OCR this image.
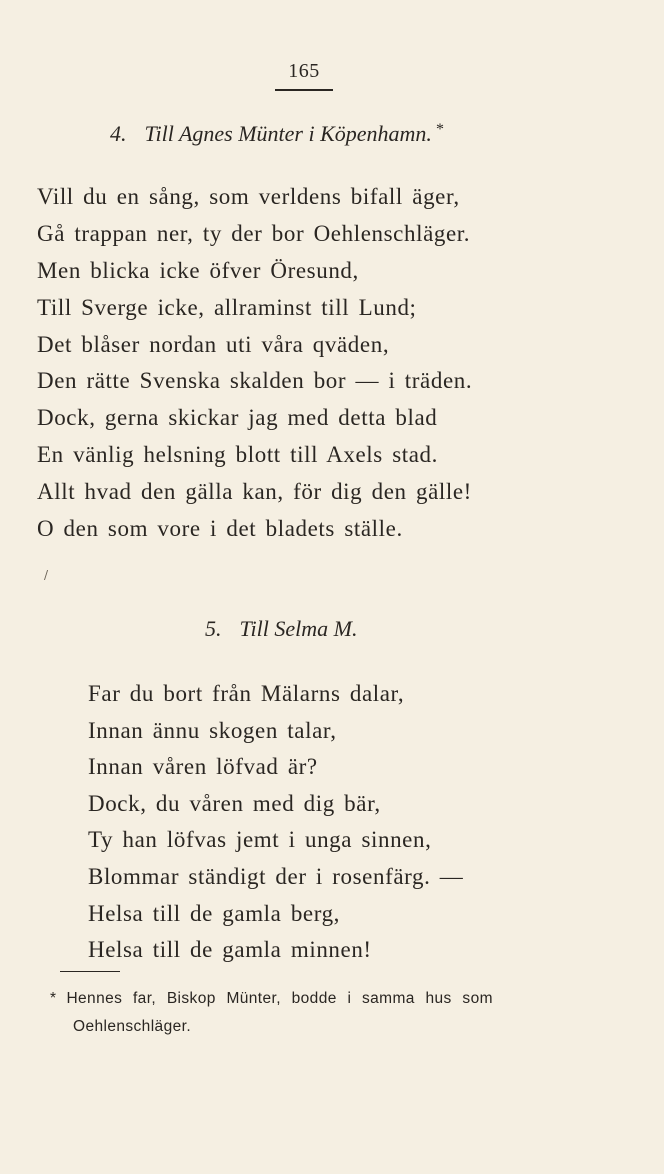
165
4. Till Agnes Münter i Köpenhamn. *
Vill du en sång, som verldens bifall äger,
Gå trappan ner, ty der bor Oehlenschläger.
Men blicka icke öfver Öresund,
Till Sverge icke, allraminst till Lund;
Det blåser nordan uti våra qväden,
Den rätte Svenska skalden bor — i träden.
Dock, gerna skickar jag med detta blad
En vänlig helsning blott till Axels stad.
Allt hvad den gälla kan, för dig den gälle!
O den som vore i det bladets ställe.
/
5. Till Selma M.
Far du bort från Mälarns dalar,
Innan ännu skogen talar,
Innan våren löfvad är?
Dock, du våren med dig bär,
Ty han löfvas jemt i unga sinnen,
Blommar ständigt der i rosenfärg. —
Helsa till de gamla berg,
Helsa till de gamla minnen!
* Hennes far, Biskop Münter, bodde i samma hus som
Oehlenschläger.
